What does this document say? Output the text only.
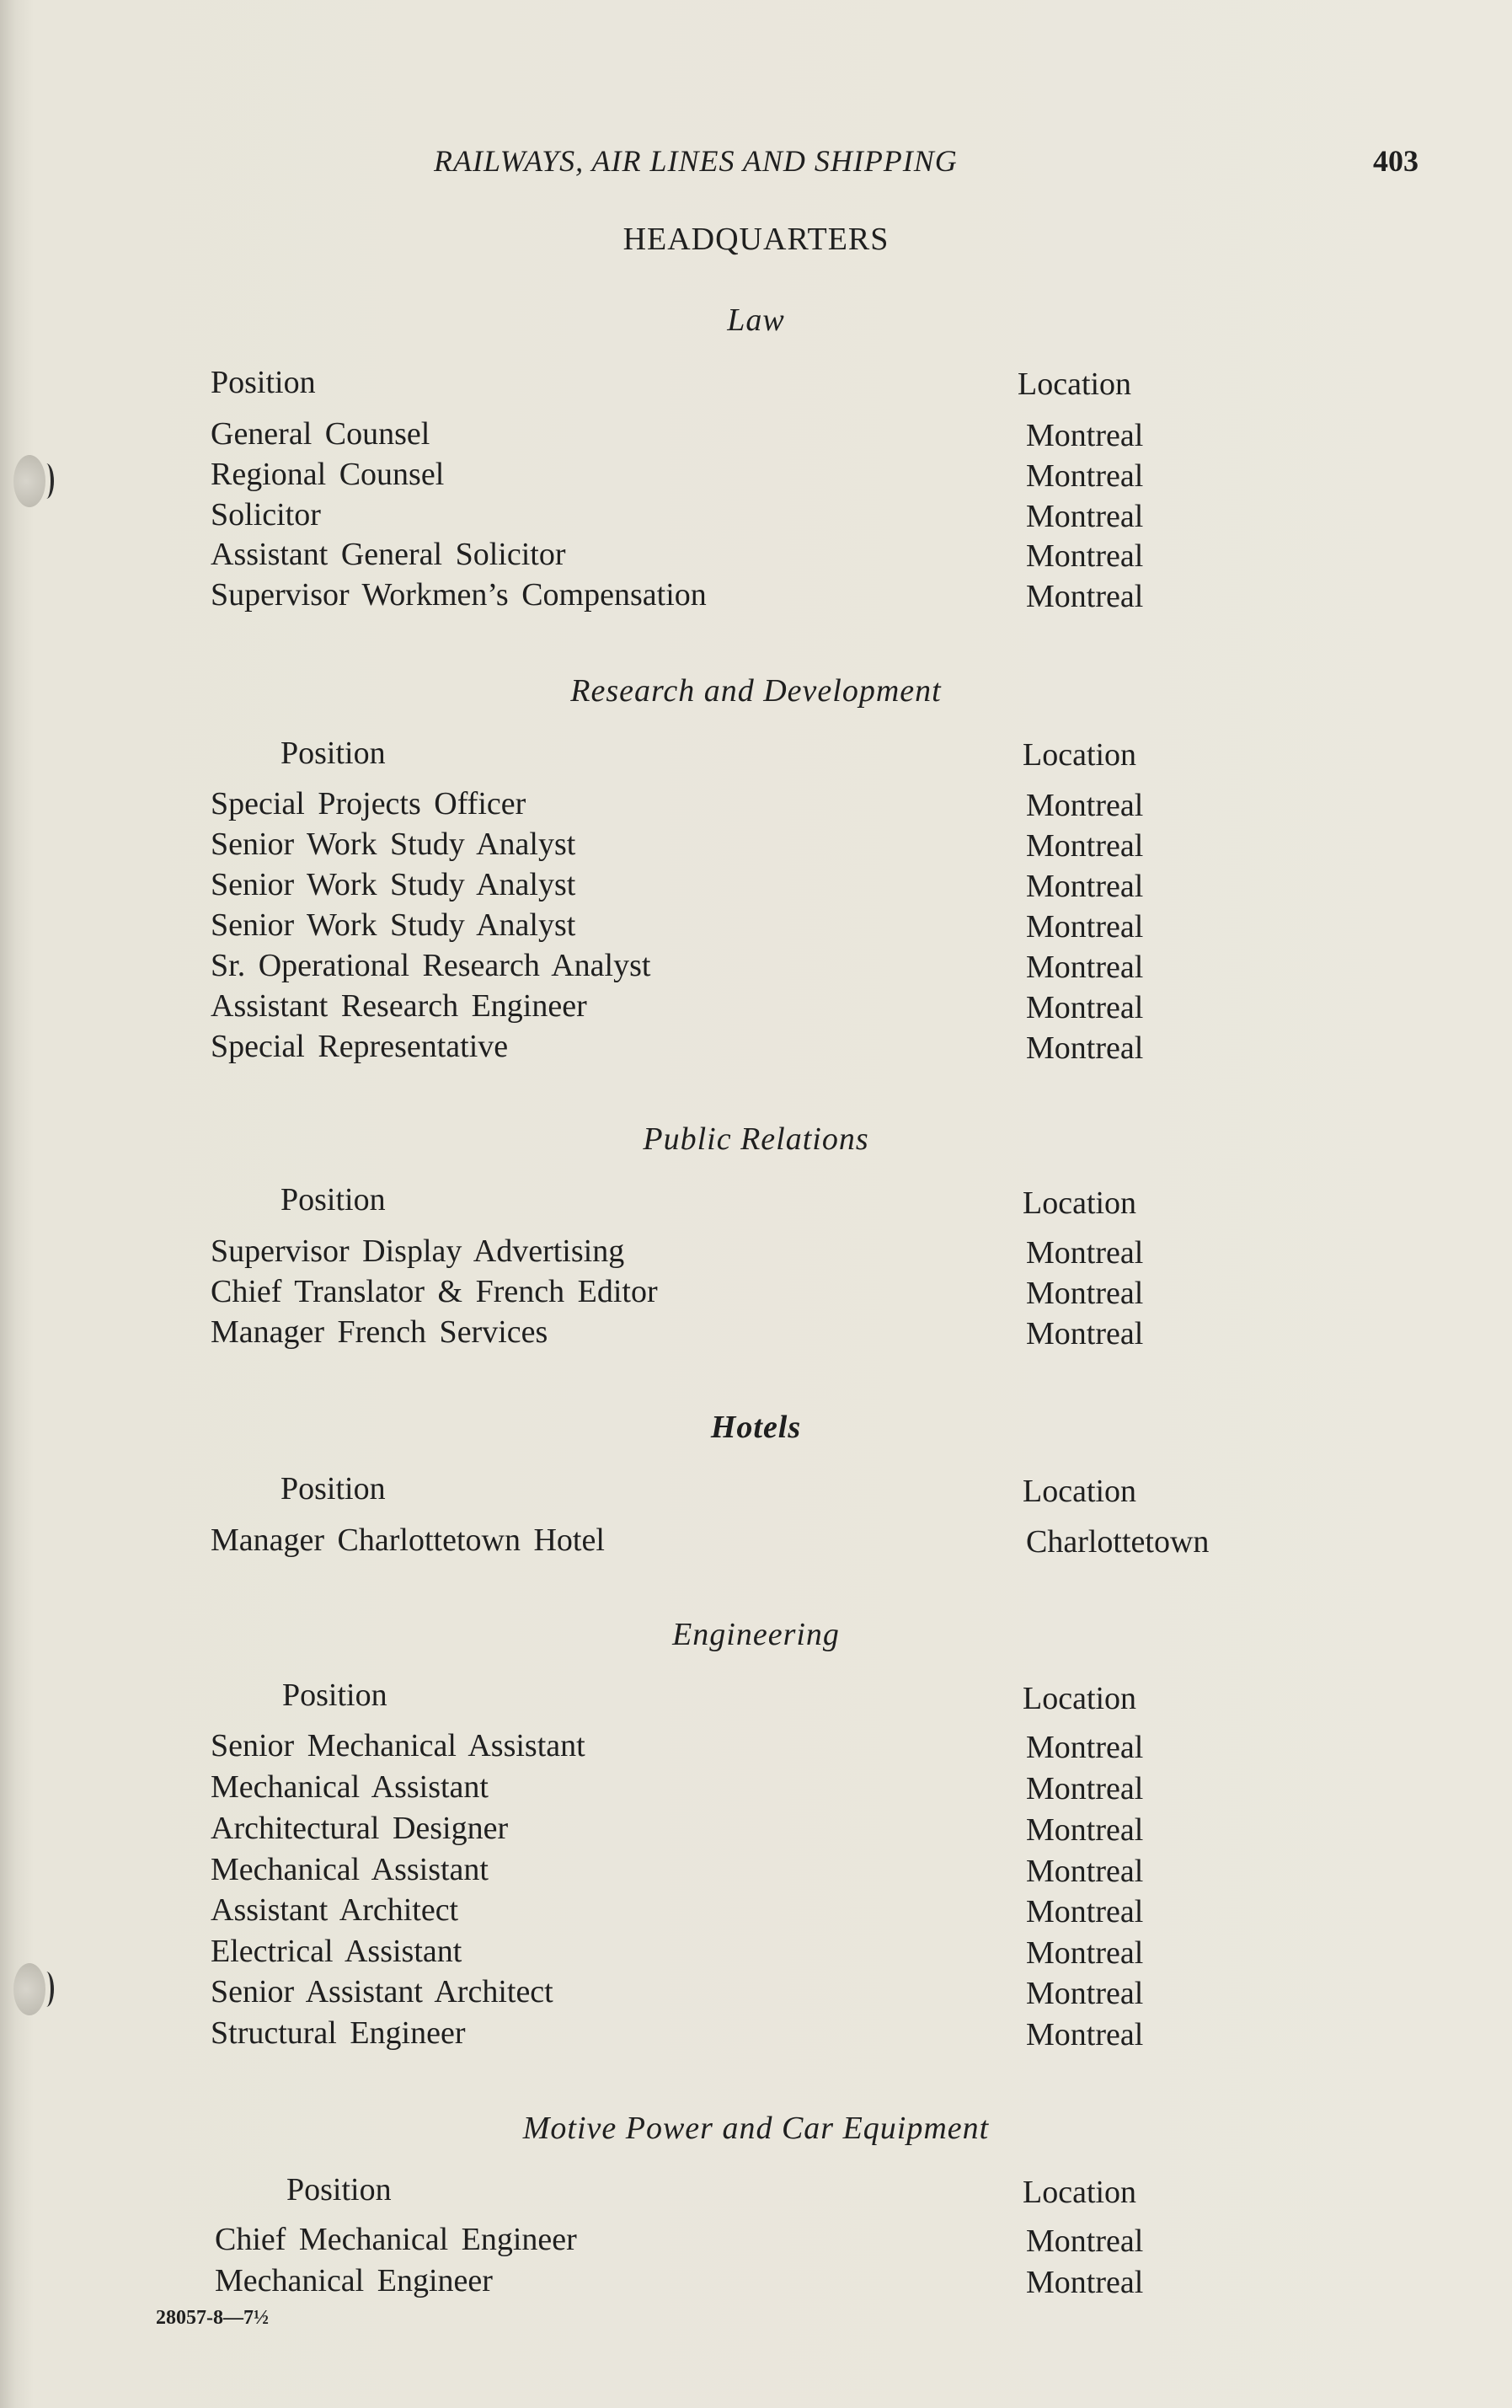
RAILWAYS, AIR LINES AND SHIPPING	403
HEADQUARTERS
Law
Position	Location
General Counsel	Montreal
Regional Counsel	Montreal
Solicitor	Montreal
Assistant General Solicitor	Montreal
Supervisor Workmen’s Compensation	Montreal
Research and Development
Position	Location
Special Projects Officer	Montreal
Senior Work Study Analyst	Montreal
Senior Work Study Analyst	Montreal
Senior Work Study Analyst	Montreal
Sr. Operational Research Analyst	Montreal
Assistant Research Engineer	Montreal
Special Representative	Montreal
Public Relations
Position	Location
Supervisor Display Advertising	Montreal
Chief Translator & French Editor	Montreal
Manager French Services	Montreal
Hotels
Position	Location
Manager Charlottetown Hotel	Charlottetown
Engineering
Position	Location
Senior Mechanical Assistant	Montreal
Mechanical Assistant	Montreal
Architectural Designer	Montreal
Mechanical Assistant	Montreal
Assistant Architect	Montreal
Electrical Assistant	Montreal
Senior Assistant Architect	Montreal
Structural Engineer	Montreal
Motive Power and Car Equipment
Position	Location
Chief Mechanical Engineer	Montreal
Mechanical Engineer	Montreal
28057-8—7½
